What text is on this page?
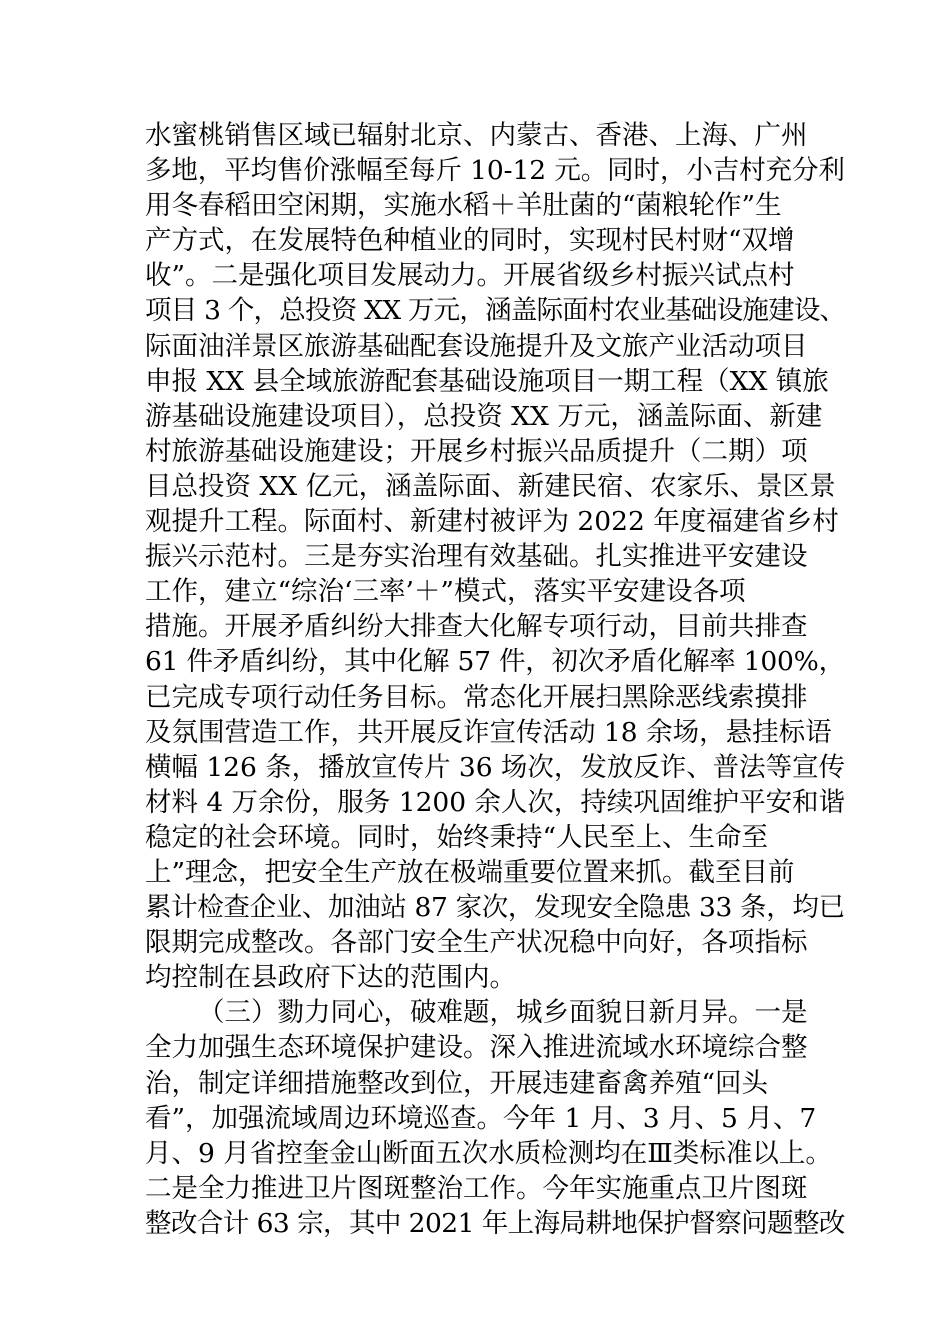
水蜜桃销售区域已辐射北京、内蒙古、香港、上海、广州
多地，平均售价涨幅至每斤 10-12 元。同时，小吉村充分利
用冬春稻田空闲期，实施水稻＋羊肚菌的“菌粮轮作”生
产方式，在发展特色种植业的同时，实现村民村财“双增
收”。二是强化项目发展动力。开展省级乡村振兴试点村
项目 3 个，总投资 XX 万元，涵盖际面村农业基础设施建设、
际面油洋景区旅游基础配套设施提升及文旅产业活动项目
申报 XX 县全域旅游配套基础设施项目一期工程（XX 镇旅
游基础设施建设项目），总投资 XX 万元，涵盖际面、新建
村旅游基础设施建设；开展乡村振兴品质提升（二期）项
目总投资 XX 亿元，涵盖际面、新建民宿、农家乐、景区景
观提升工程。际面村、新建村被评为 2022 年度福建省乡村
振兴示范村。三是夯实治理有效基础。扎实推进平安建设
工作，建立“综治‘三率’＋”模式，落实平安建设各项
措施。开展矛盾纠纷大排查大化解专项行动，目前共排查
61 件矛盾纠纷，其中化解 57 件，初次矛盾化解率 100%，
已完成专项行动任务目标。常态化开展扫黑除恶线索摸排
及氛围营造工作，共开展反诈宣传活动 18 余场，悬挂标语
横幅 126 条，播放宣传片 36 场次，发放反诈、普法等宣传
材料 4 万余份，服务 1200 余人次，持续巩固维护平安和谐
稳定的社会环境。同时，始终秉持“人民至上、生命至
上”理念，把安全生产放在极端重要位置来抓。截至目前
累计检查企业、加油站 87 家次，发现安全隐患 33 条，均已
限期完成整改。各部门安全生产状况稳中向好，各项指标
均控制在县政府下达的范围内。
（三）勠力同心，破难题，城乡面貌日新月异。一是
全力加强生态环境保护建设。深入推进流域水环境综合整
治，制定详细措施整改到位，开展违建畜禽养殖“回头
看”，加强流域周边环境巡查。今年 1 月、3 月、5 月、7
月、9 月省控奎金山断面五次水质检测均在Ⅲ类标准以上。
二是全力推进卫片图斑整治工作。今年实施重点卫片图斑
整改合计 63 宗，其中 2021 年上海局耕地保护督察问题整改
